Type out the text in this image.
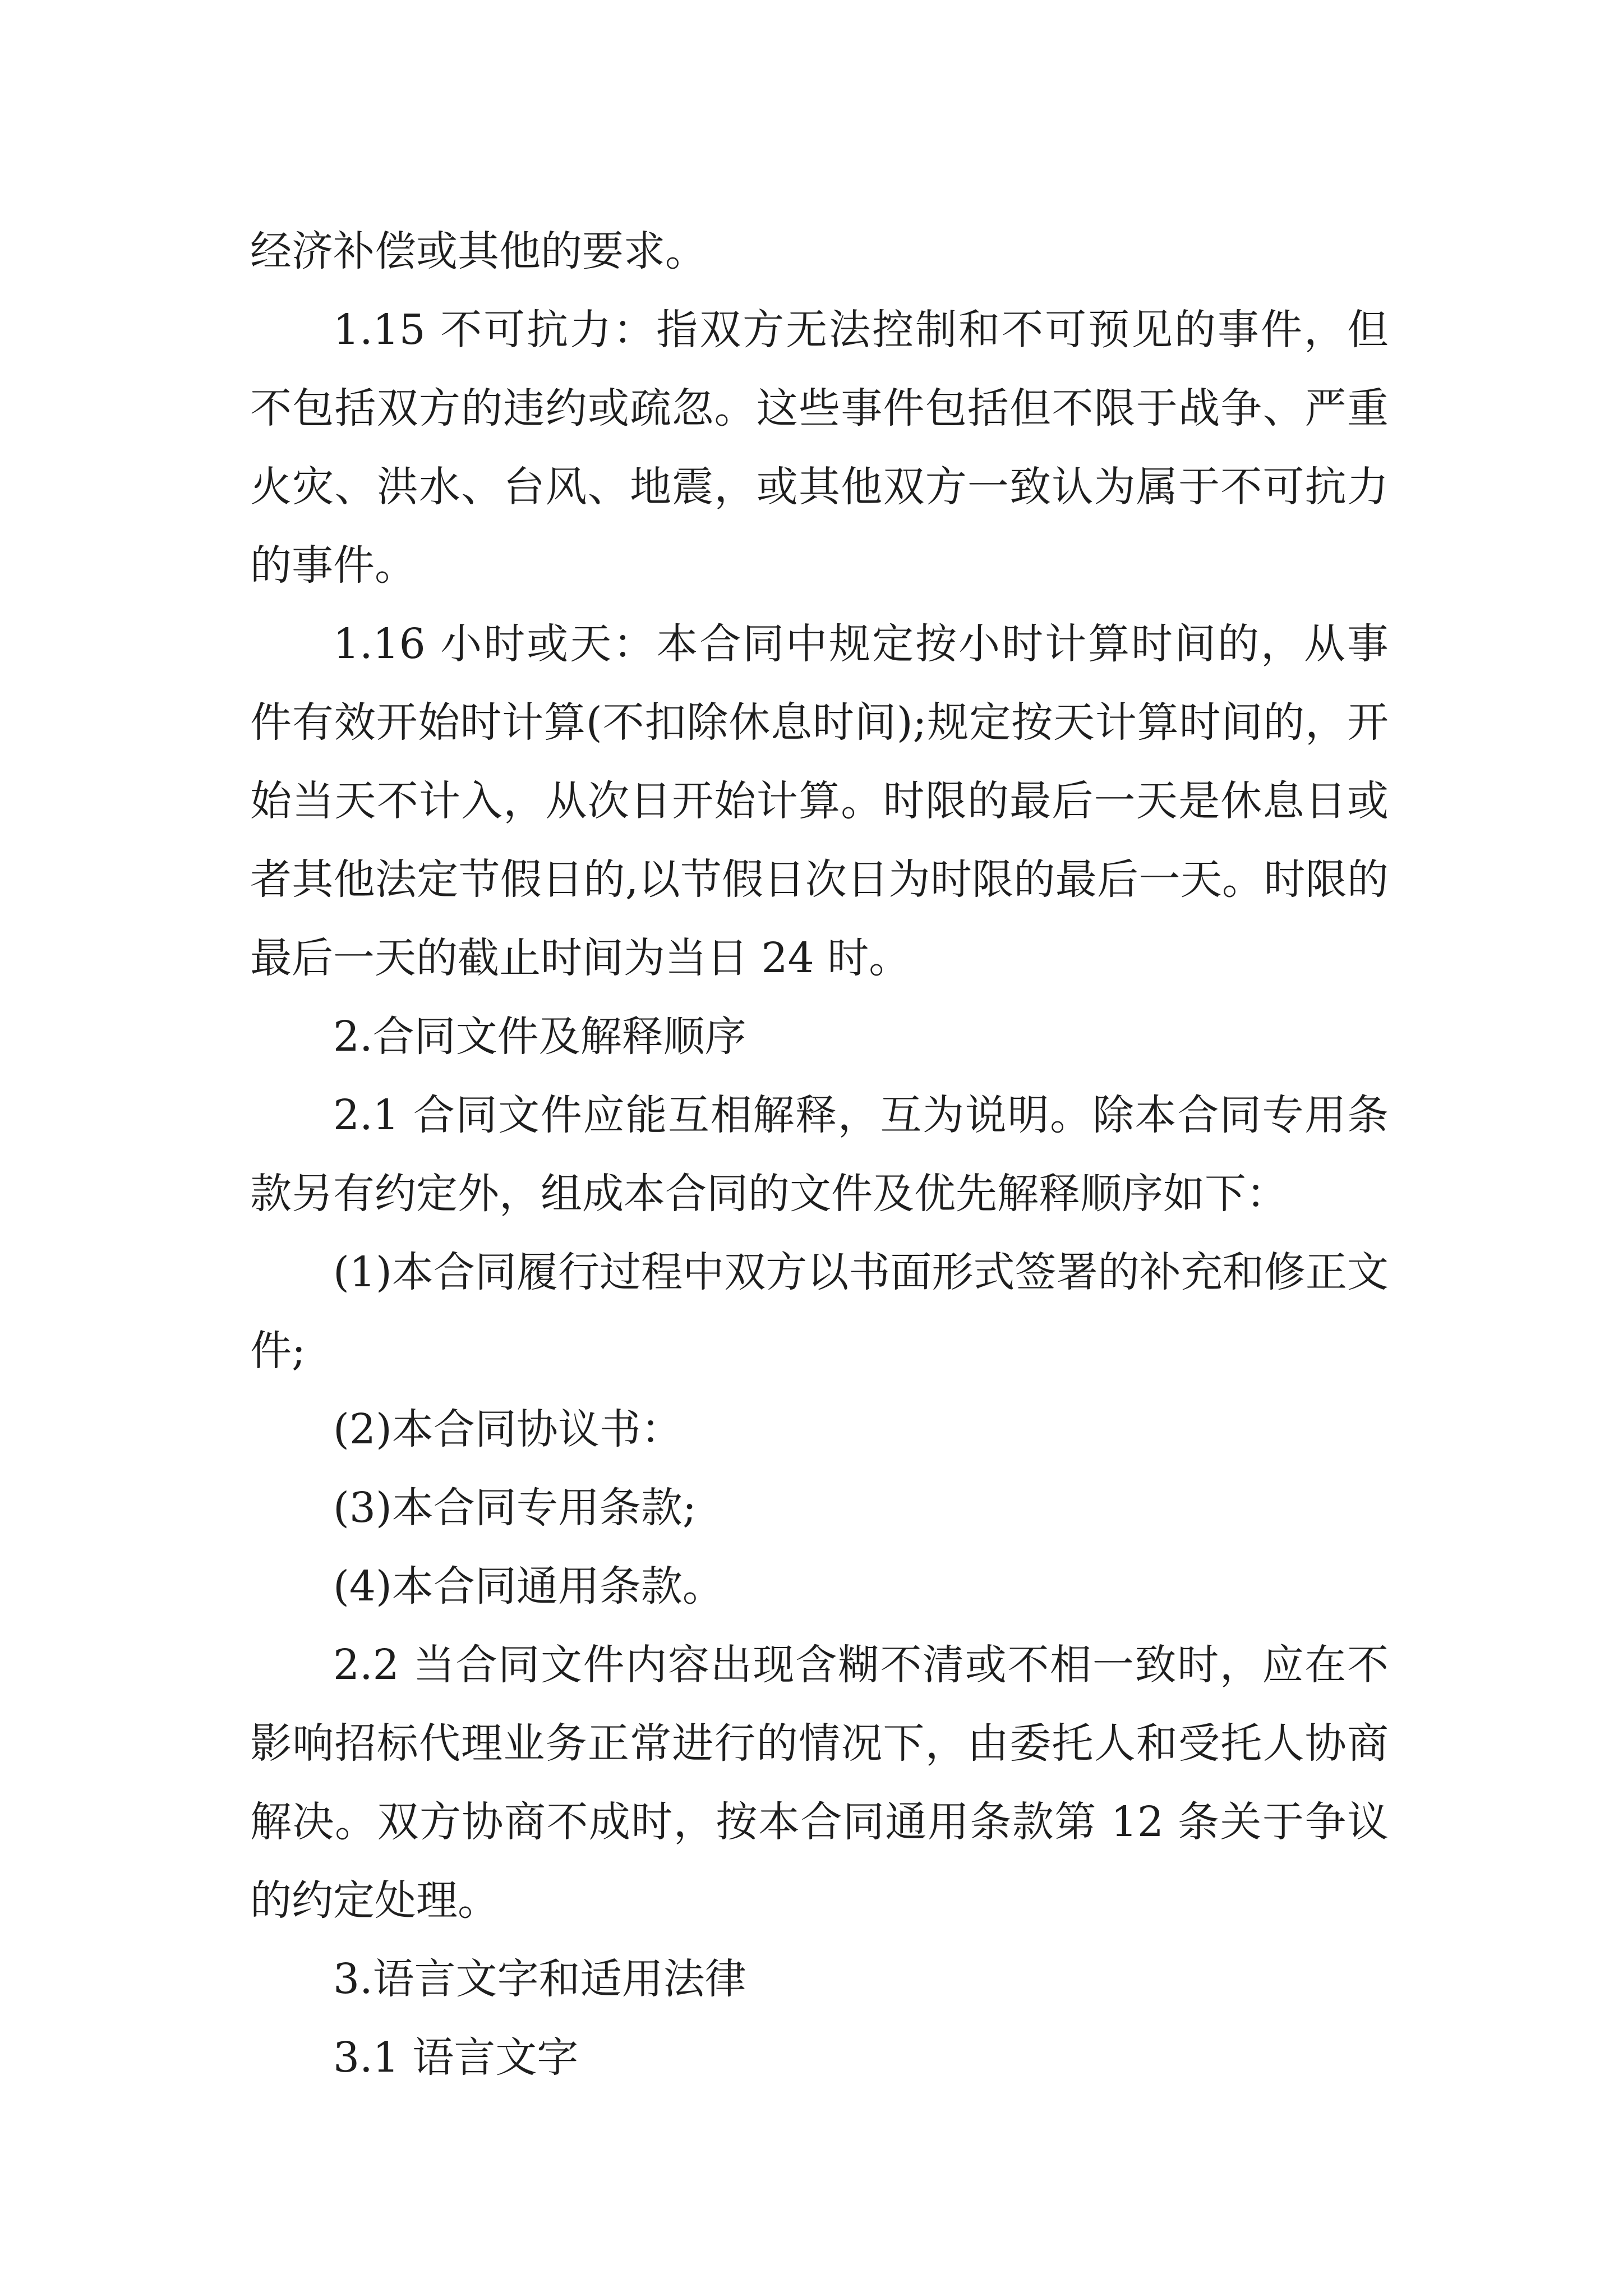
经济补偿或其他的要求。

1.15 不可抗力：指双方无法控制和不可预见的事件，但不包括双方的违约或疏忽。这些事件包括但不限于战争、严重火灾、洪水、台风、地震，或其他双方一致认为属于不可抗力的事件。

1.16 小时或天：本合同中规定按小时计算时间的，从事件有效开始时计算(不扣除休息时间);规定按天计算时间的，开始当天不计入，从次日开始计算。时限的最后一天是休息日或者其他法定节假日的,以节假日次日为时限的最后一天。时限的最后一天的截止时间为当日 24 时。

2.合同文件及解释顺序

2.1 合同文件应能互相解释，互为说明。除本合同专用条款另有约定外，组成本合同的文件及优先解释顺序如下：

(1)本合同履行过程中双方以书面形式签署的补充和修正文件;

(2)本合同协议书：

(3)本合同专用条款;

(4)本合同通用条款。

2.2 当合同文件内容出现含糊不清或不相一致时，应在不影响招标代理业务正常进行的情况下，由委托人和受托人协商解决。双方协商不成时，按本合同通用条款第 12 条关于争议的约定处理。

3.语言文字和适用法律

3.1 语言文字
